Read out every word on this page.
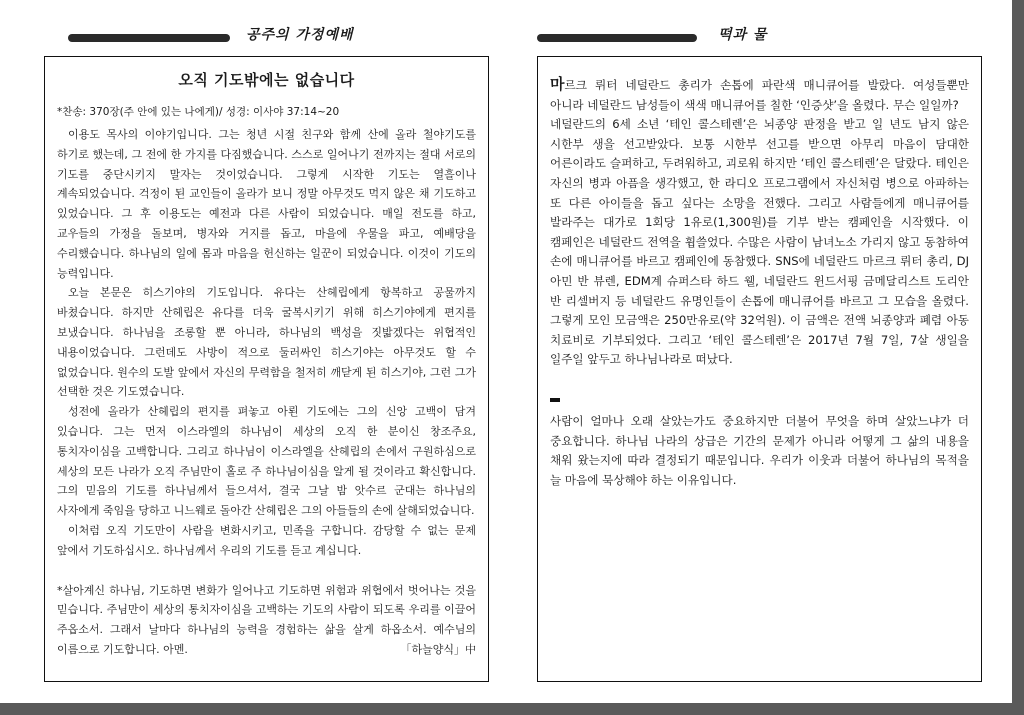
공주의 가정예배	떡과 물
오직 기도밖에는 없습니다

*찬송: 370장(주 안에 있는 나에게)/ 성경: 이사야 37:14~20

이용도 목사의 이야기입니다. 그는 청년 시절 친구와 함께 산에 올라 철야기도를 하기로 했는데, 그 전에 한 가지를 다짐했습니다. 스스로 일어나기 전까지는 절대 서로의 기도를 중단시키지 말자는 것이었습니다. 그렇게 시작한 기도는 열흘이나 계속되었습니다. 걱정이 된 교인들이 올라가 보니 정말 아무것도 먹지 않은 채 기도하고 있었습니다. 그 후 이용도는 예전과 다른 사람이 되었습니다. 매일 전도를 하고, 교우들의 가정을 돌보며, 병자와 거지를 돕고, 마을에 우물을 파고, 예배당을 수리했습니다. 하나님의 일에 몸과 마음을 헌신하는 일꾼이 되었습니다. 이것이 기도의 능력입니다.

오늘 본문은 히스기야의 기도입니다. 유다는 산헤립에게 항복하고 공물까지 바쳤습니다. 하지만 산헤립은 유다를 더욱 굴복시키기 위해 히스기야에게 편지를 보냈습니다. 하나님을 조롱할 뿐 아니라, 하나님의 백성을 짓밟겠다는 위협적인 내용이었습니다. 그런데도 사방이 적으로 둘러싸인 히스기야는 아무것도 할 수 없었습니다. 원수의 도발 앞에서 자신의 무력함을 철저히 깨닫게 된 히스기야, 그런 그가 선택한 것은 기도였습니다.

성전에 올라가 산헤립의 편지를 펴놓고 아뢴 기도에는 그의 신앙 고백이 담겨 있습니다. 그는 먼저 이스라엘의 하나님이 세상의 오직 한 분이신 창조주요, 통치자이심을 고백합니다. 그리고 하나님이 이스라엘을 산헤립의 손에서 구원하심으로 세상의 모든 나라가 오직 주님만이 홀로 주 하나님이심을 알게 될 것이라고 확신합니다. 그의 믿음의 기도를 하나님께서 들으셔서, 결국 그날 밤 앗수르 군대는 하나님의 사자에게 죽임을 당하고 니느웨로 돌아간 산헤립은 그의 아들들의 손에 살해되었습니다.

이처럼 오직 기도만이 사람을 변화시키고, 민족을 구합니다. 감당할 수 없는 문제 앞에서 기도하십시오. 하나님께서 우리의 기도를 듣고 계십니다.

*살아계신 하나님, 기도하면 변화가 일어나고 기도하면 위험과 위협에서 벗어나는 것을 믿습니다. 주님만이 세상의 통치자이심을 고백하는 기도의 사람이 되도록 우리를 이끌어 주옵소서. 그래서 날마다 하나님의 능력을 경험하는 삶을 살게 하옵소서. 예수님의 이름으로 기도합니다. 아멘.	「하늘양식」中

마르크 뤼터 네덜란드 총리가 손톱에 파란색 매니큐어를 발랐다. 여성들뿐만 아니라 네덜란드 남성들이 색색 매니큐어를 칠한 ‘인증샷’을 올렸다. 무슨 일일까?

네덜란드의 6세 소년 ‘테인 콜스테렌’은 뇌종양 판정을 받고 일 년도 남지 않은 시한부 생을 선고받았다. 보통 시한부 선고를 받으면 아무리 마음이 담대한 어른이라도 슬퍼하고, 두려워하고, 괴로워 하지만 ‘테인 콜스테렌’은 달랐다. 테인은 자신의 병과 아픔을 생각했고, 한 라디오 프로그램에서 자신처럼 병으로 아파하는 또 다른 아이들을 돕고 싶다는 소망을 전했다. 그리고 사람들에게 매니큐어를 발라주는 대가로 1회당 1유로(1,300원)를 기부 받는 캠페인을 시작했다. 이 캠페인은 네덜란드 전역을 휩쓸었다. 수많은 사람이 남녀노소 가리지 않고 동참하여 손에 매니큐어를 바르고 캠페인에 동참했다. SNS에 네덜란드 마르크 뤼터 총리, DJ 아민 반 뷰렌, EDM계 슈퍼스타 하드 웰, 네덜란드 윈드서핑 금메달리스트 도리안 반 리셀버지 등 네덜란드 유명인들이 손톱에 매니큐어를 바르고 그 모습을 올렸다. 그렇게 모인 모금액은 250만유로(약 32억원). 이 금액은 전액 뇌종양과 폐렴 아동 치료비로 기부되었다. 그리고 ‘테인 콜스테렌’은 2017년 7월 7일, 7살 생일을 일주일 앞두고 하나님나라로 떠났다.

사람이 얼마나 오래 살았는가도 중요하지만 더불어 무엇을 하며 살았느냐가 더 중요합니다. 하나님 나라의 상급은 기간의 문제가 아니라 어떻게 그 삶의 내용을 채워 왔는지에 따라 결정되기 때문입니다. 우리가 이웃과 더불어 하나님의 목적을 늘 마음에 묵상해야 하는 이유입니다.
